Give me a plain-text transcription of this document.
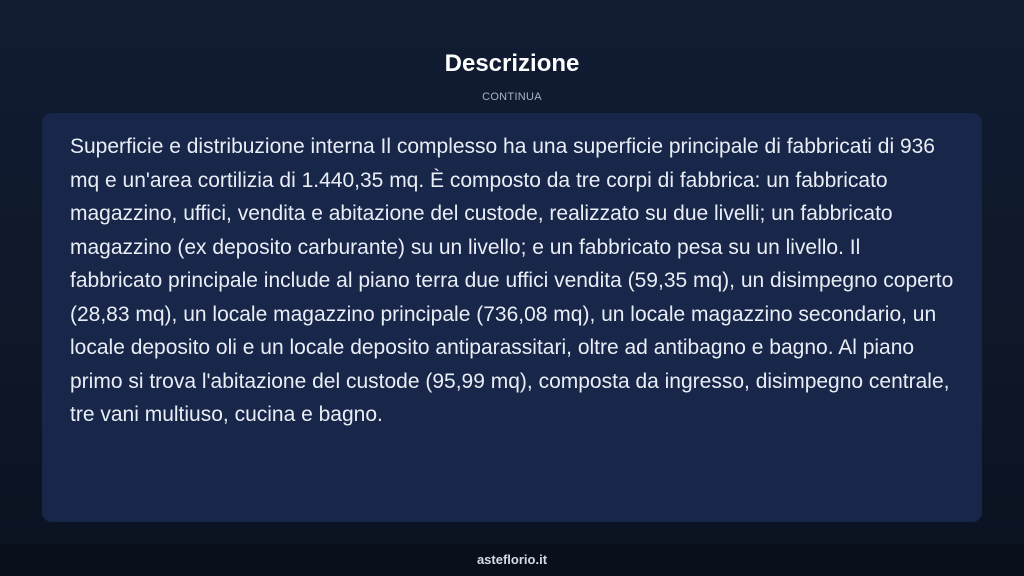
Descrizione
CONTINUA

Superficie e distribuzione interna Il complesso ha una superficie principale di fabbricati di 936 mq e un'area cortilizia di 1.440,35 mq. È composto da tre corpi di fabbrica: un fabbricato magazzino, uffici, vendita e abitazione del custode, realizzato su due livelli; un fabbricato magazzino (ex deposito carburante) su un livello; e un fabbricato pesa su un livello. Il fabbricato principale include al piano terra due uffici vendita (59,35 mq), un disimpegno coperto (28,83 mq), un locale magazzino principale (736,08 mq), un locale magazzino secondario, un locale deposito oli e un locale deposito antiparassitari, oltre ad antibagno e bagno. Al piano primo si trova l'abitazione del custode (95,99 mq), composta da ingresso, disimpegno centrale, tre vani multiuso, cucina e bagno.

asteflorio.it
